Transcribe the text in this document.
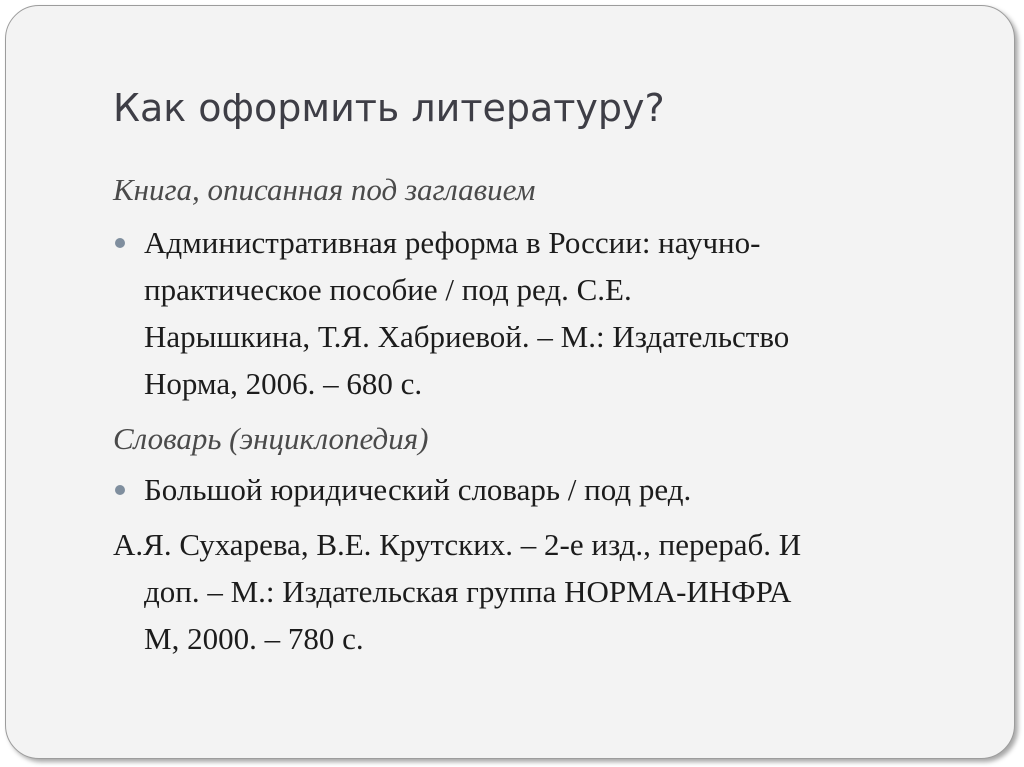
Как оформить литературу?
Книга, описанная под заглавием
Административная реформа в России: научно-
практическое пособие / под ред. С.Е.
Нарышкина, Т.Я. Хабриевой. – М.: Издательство
Норма, 2006. – 680 с.
Словарь (энциклопедия)
Большой юридический словарь / под ред.
А.Я. Сухарева, В.Е. Крутских. – 2-е изд., перераб. И
доп. – М.: Издательская группа НОРМА-ИНФРА
М, 2000. – 780 с.
